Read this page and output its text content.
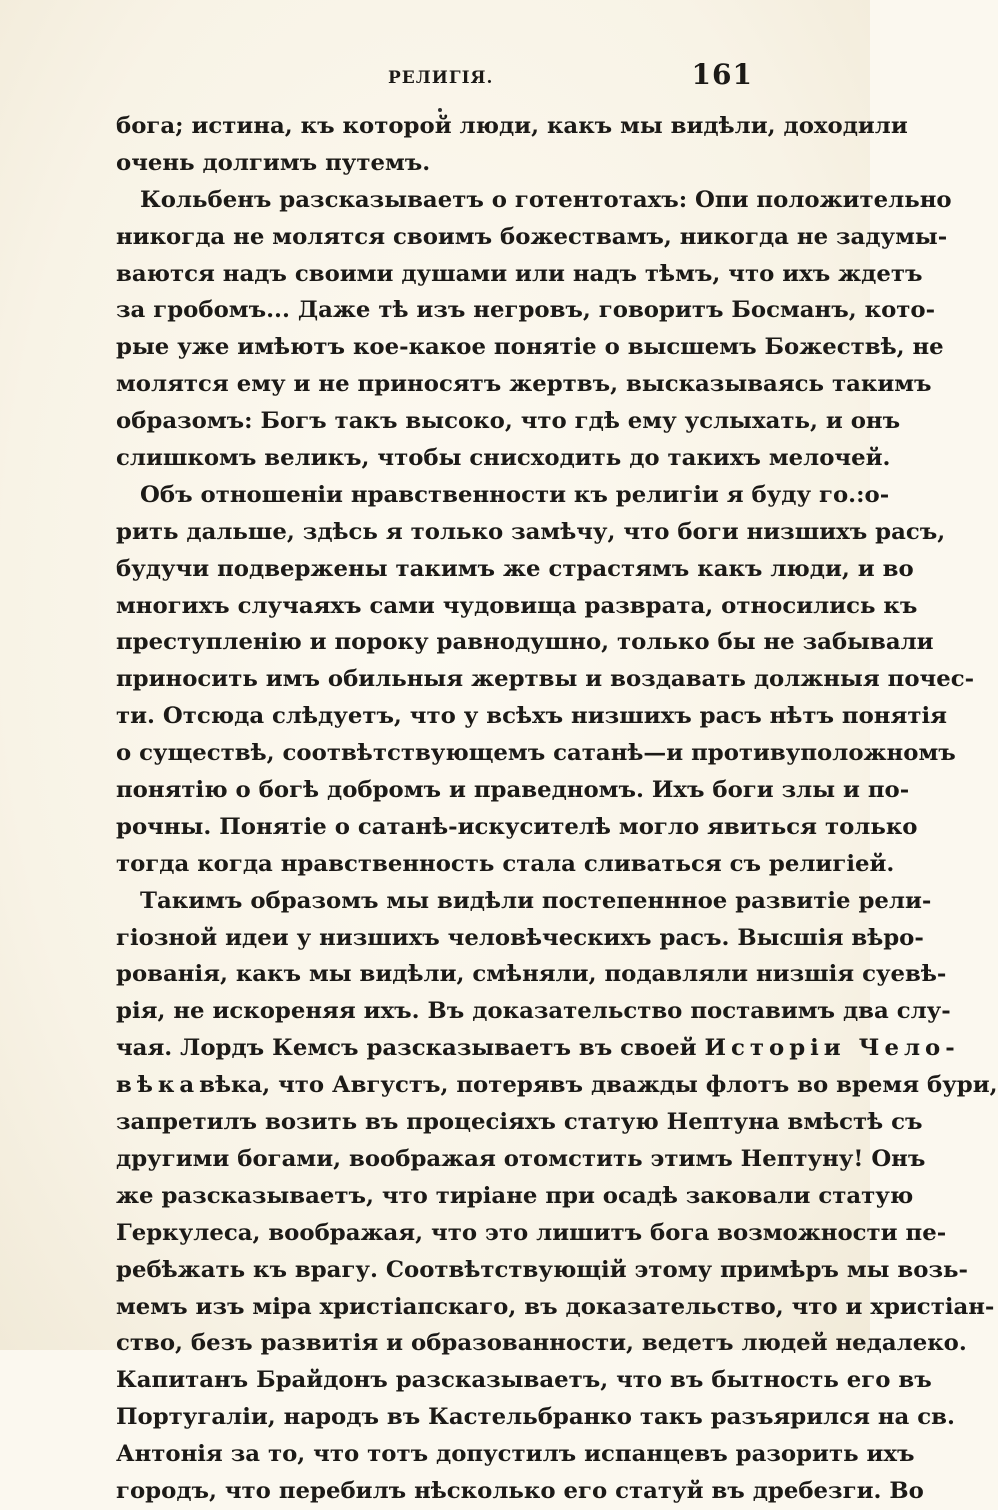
РЕЛИГІЯ.	161
бога; истина, къ которой люди, какъ мы видѣли, доходили
очень долгимъ путемъ.
Кольбенъ разсказываетъ о готентотахъ: Опи положительно
никогда не молятся своимъ божествамъ, никогда не задумы-
ваются надъ своими душами или надъ тѣмъ, что ихъ ждетъ
за гробомъ... Даже тѣ изъ негровъ, говоритъ Босманъ, кото-
рые уже имѣютъ кое-какое понятіе о высшемъ Божествѣ, не
молятся ему и не приносятъ жертвъ, высказываясь такимъ
образомъ: Богъ такъ высоко, что гдѣ ему услыхать, и онъ
слишкомъ великъ, чтобы снисходить до такихъ мелочей.
Объ отношеніи нравственности къ религіи я буду го.:о-
рить дальше, здѣсь я только замѣчу, что боги низшихъ расъ,
будучи подвержены такимъ же страстямъ какъ люди, и во
многихъ случаяхъ сами чудовища разврата, относились къ
преступленію и пороку равнодушно, только бы не забывали
приносить имъ обильныя жертвы и воздавать должныя почес-
ти. Отсюда слѣдуетъ, что у всѣхъ низшихъ расъ нѣтъ понятія
о существѣ, соотвѣтствующемъ сатанѣ—и противуположномъ
понятію о богѣ добромъ и праведномъ. Ихъ боги злы и по-
рочны. Понятіе о сатанѣ-искусителѣ могло явиться только
тогда когда нравственность стала сливаться съ религіей.
Такимъ образомъ мы видѣли постепеннное развитіе рели-
гіозной идеи у низшихъ человѣческихъ расъ. Высшія вѣро-
рованія, какъ мы видѣли, смѣняли, подавляли низшія суевѣ-
рія, не искореняя ихъ. Въ доказательство поставимъ два слу-
чая. Лордъ Кемсъ разсказываетъ въ своей Исторіи Чело-
вѣкавѣка, что Августъ, потерявъ дважды флотъ во время бури,
запретилъ возить въ процесіяхъ статую Нептуна вмѣстѣ съ
другими богами, воображая отомстить этимъ Нептуну! Онъ
же разсказываетъ, что тиріане при осадѣ заковали статую
Геркулеса, воображая, что это лишитъ бога возможности пе-
ребѣжать къ врагу. Соотвѣтствующій этому примѣръ мы возь-
мемъ изъ міра христіапскаго, въ доказательство, что и христіан-
ство, безъ развитія и образованности, ведетъ людей недалеко.
Капитанъ Брайдонъ разсказываетъ, что въ бытность его въ
Португаліи, народъ въ Кастельбранко такъ разъярился на св.
Антонія за то, что тотъ допустилъ испанцевъ разорить ихъ
городъ, что перебилъ нѣсколько его статуй въ дребезги. Во
